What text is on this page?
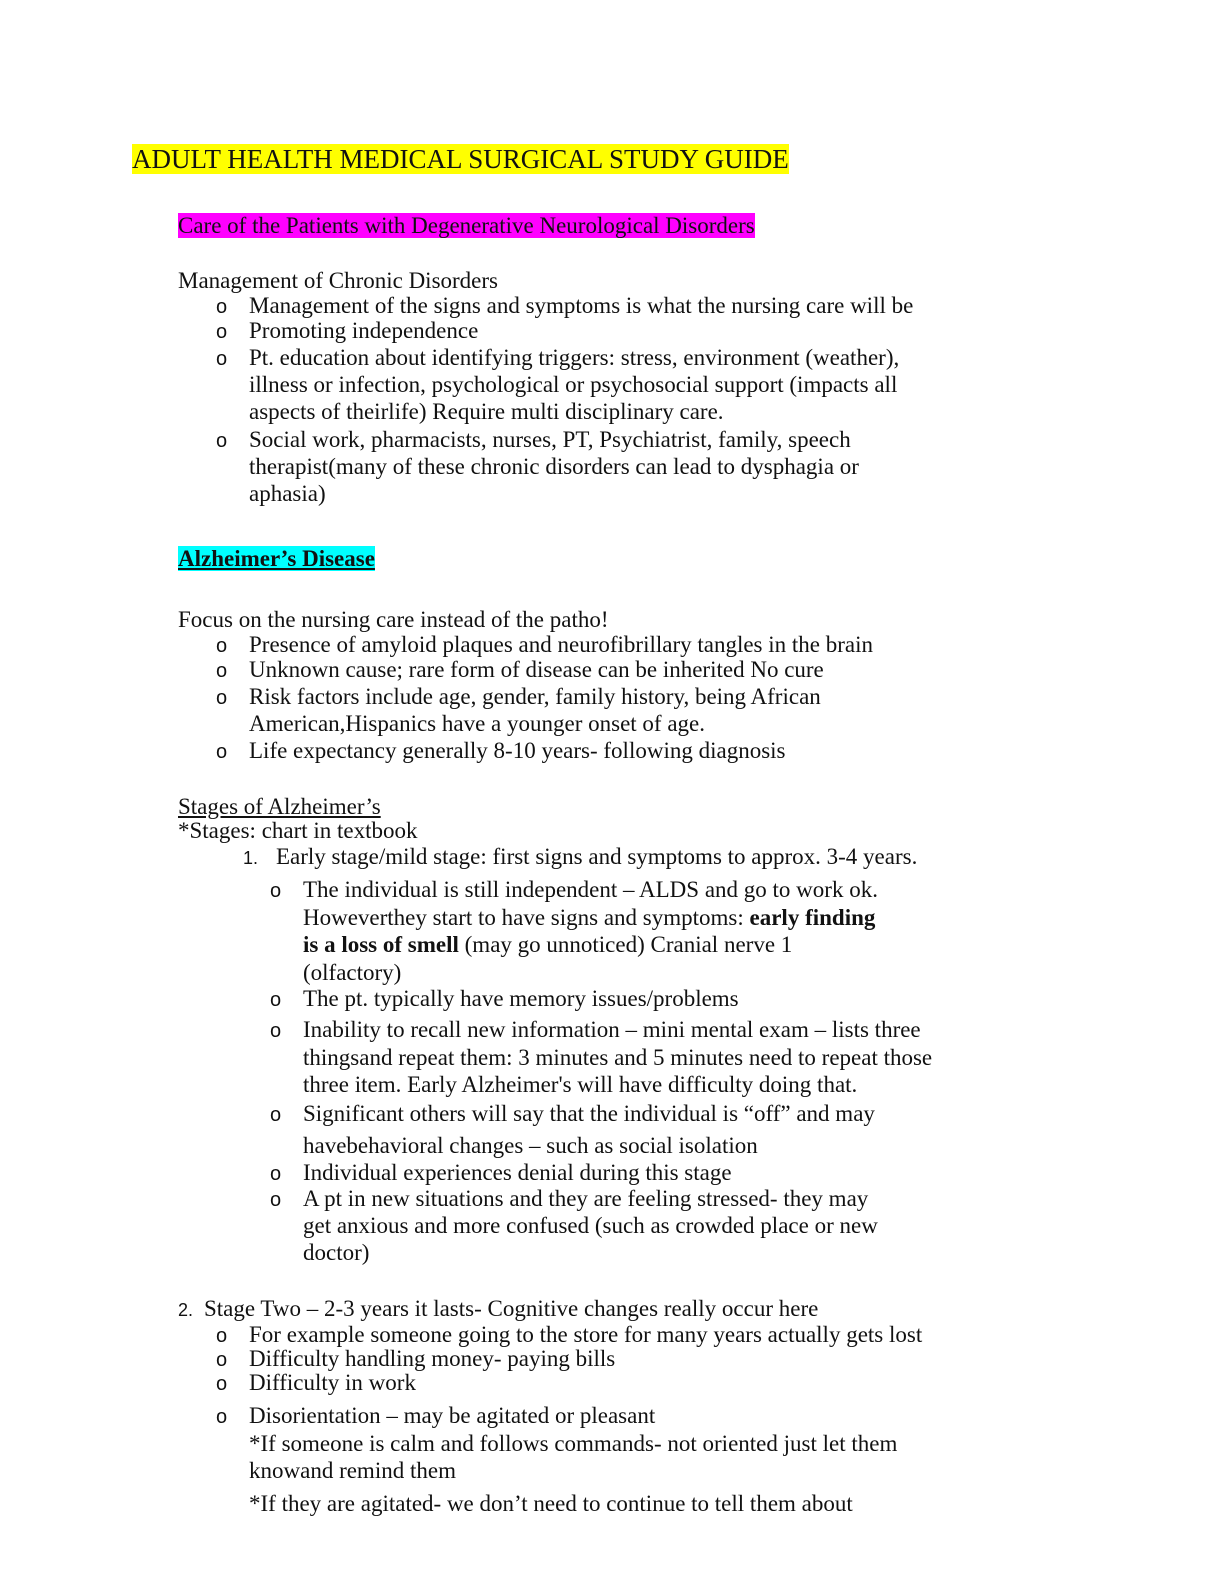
ADULT HEALTH MEDICAL SURGICAL STUDY GUIDE
Care of the Patients with Degenerative Neurological Disorders
Management of Chronic Disorders
o Management of the signs and symptoms is what the nursing care will be
o Promoting independence
o Pt. education about identifying triggers: stress, environment (weather),
illness or infection, psychological or psychosocial support (impacts all
aspects of theirlife) Require multi disciplinary care.
o Social work, pharmacists, nurses, PT, Psychiatrist, family, speech
therapist(many of these chronic disorders can lead to dysphagia or
aphasia)
Alzheimer’s Disease
Focus on the nursing care instead of the patho!
o Presence of amyloid plaques and neurofibrillary tangles in the brain
o Unknown cause; rare form of disease can be inherited No cure
o Risk factors include age, gender, family history, being African
American,Hispanics have a younger onset of age.
o Life expectancy generally 8-10 years- following diagnosis
Stages of Alzheimer’s
*Stages: chart in textbook
1. Early stage/mild stage: first signs and symptoms to approx. 3-4 years.
o The individual is still independent – ALDS and go to work ok.
Howeverthey start to have signs and symptoms: early finding
is a loss of smell (may go unnoticed) Cranial nerve 1
(olfactory)
o The pt. typically have memory issues/problems
o Inability to recall new information – mini mental exam – lists three
thingsand repeat them: 3 minutes and 5 minutes need to repeat those
three item. Early Alzheimer's will have difficulty doing that.
o Significant others will say that the individual is “off” and may
havebehavioral changes – such as social isolation
o Individual experiences denial during this stage
o A pt in new situations and they are feeling stressed- they may
get anxious and more confused (such as crowded place or new
doctor)
2. Stage Two – 2-3 years it lasts- Cognitive changes really occur here
o For example someone going to the store for many years actually gets lost
o Difficulty handling money- paying bills
o Difficulty in work
o Disorientation – may be agitated or pleasant
*If someone is calm and follows commands- not oriented just let them
knowand remind them
*If they are agitated- we don’t need to continue to tell them about
